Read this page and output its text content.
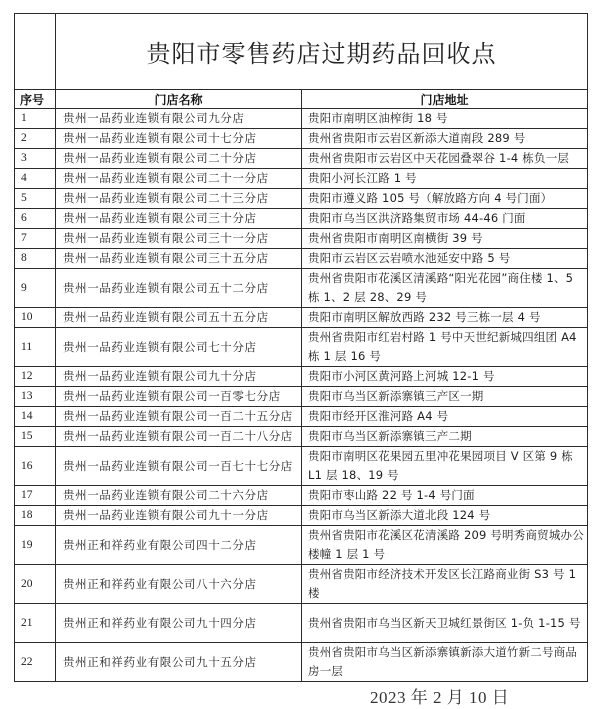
	贵阳市零售药店过期药品回收点	
序号	门店名称	门店地址
1	贵州一品药业连锁有限公司九分店	贵阳市南明区油榨街 18 号
2	贵州一品药业连锁有限公司十七分店	贵州省贵阳市云岩区新添大道南段 289 号
3	贵州一品药业连锁有限公司二十分店	贵州省贵阳市云岩区中天花园叠翠谷 1-4 栋负一层
4	贵州一品药业连锁有限公司二十一分店	贵阳小河长江路 1 号
5	贵州一品药业连锁有限公司二十三分店	贵阳市遵义路 105 号（解放路方向 4 号门面）
6	贵州一品药业连锁有限公司三十分店	贵阳市乌当区洪济路集贸市场 44-46 门面
7	贵州一品药业连锁有限公司三十一分店	贵州省贵阳市南明区南横街 39 号
8	贵州一品药业连锁有限公司三十五分店	贵阳市云岩区云岩喷水池延安中路 5 号
9	贵州一品药业连锁有限公司五十二分店	贵州省贵阳市花溪区清溪路“阳光花园”商住楼 1、5 栋 1、2 层 28、29 号
10	贵州一品药业连锁有限公司五十五分店	贵阳市南明区解放西路 232 号三栋一层 4 号
11	贵州一品药业连锁有限公司七十分店	贵州省贵阳市红岩村路 1 号中天世纪新城四组团 A4 栋 1 层 16 号
12	贵州一品药业连锁有限公司九十分店	贵阳市小河区黄河路上河城 12-1 号
13	贵州一品药业连锁有限公司一百零七分店	贵阳市乌当区新添寨镇三产区一期
14	贵州一品药业连锁有限公司一百二十五分店	贵阳市经开区淮河路 A4 号
15	贵州一品药业连锁有限公司一百二十八分店	贵阳市乌当区新添寨镇三产二期
16	贵州一品药业连锁有限公司一百七十七分店	贵阳市南明区花果园五里冲花果园项目 V 区第 9 栋 L1 层 18、19 号
17	贵州一品药业连锁有限公司二十六分店	贵阳市枣山路 22 号 1-4 号门面
18	贵州一品药业连锁有限公司九十一分店	贵阳市乌当区新添大道北段 124 号
19	贵州正和祥药业有限公司四十二分店	贵州省贵阳市花溪区花清溪路 209 号明秀商贸城办公楼幢 1 层 1 号
20	贵州正和祥药业有限公司八十六分店	贵州省贵阳市经济技术开发区长江路商业街 S3 号 1 楼
21	贵州正和祥药业有限公司九十四分店	贵州省贵阳市乌当区新天卫城红景街区 1-负 1-15 号
22	贵州正和祥药业有限公司九十五分店	贵州省贵阳市乌当区新添寨镇新添大道竹新二号商品房一层
2023 年 2 月 10 日
